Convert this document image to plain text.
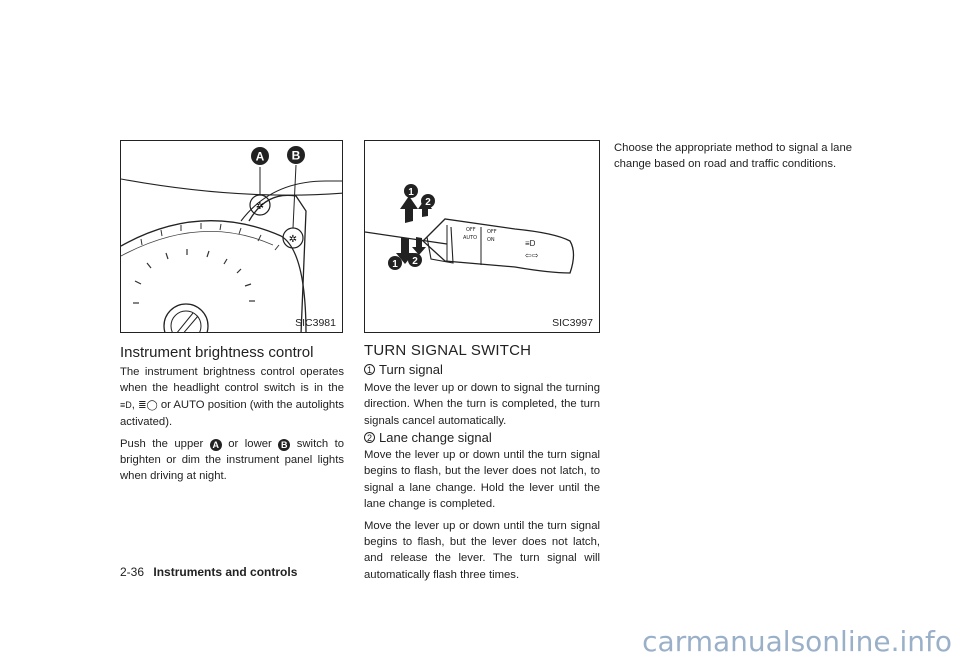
✲
✲
A B
SIC3981
OFF
AUTO
OFF
ON	≡D
⇦⇨
1
2
1 2
SIC3997
Instrument brightness control

The instrument brightness control operates when the headlight control switch is in the ≡D, ≣◯ or AUTO position (with the autolights activated).

Push the upper A or lower B switch to brighten or dim the instrument panel lights when driving at night.

TURN SIGNAL SWITCH
1 Turn signal

Move the lever up or down to signal the turning direction. When the turn is completed, the turn signals cancel automatically.

2 Lane change signal

Move the lever up or down until the turn signal begins to flash, but the lever does not latch, to signal a lane change. Hold the lever until the lane change is completed.

Move the lever up or down until the turn signal begins to flash, but the lever does not latch, and release the lever. The turn signal will automatically flash three times.

Choose the appropriate method to signal a lane change based on road and traffic conditions.

2-36 Instruments and controls
carmanualsonline.info
